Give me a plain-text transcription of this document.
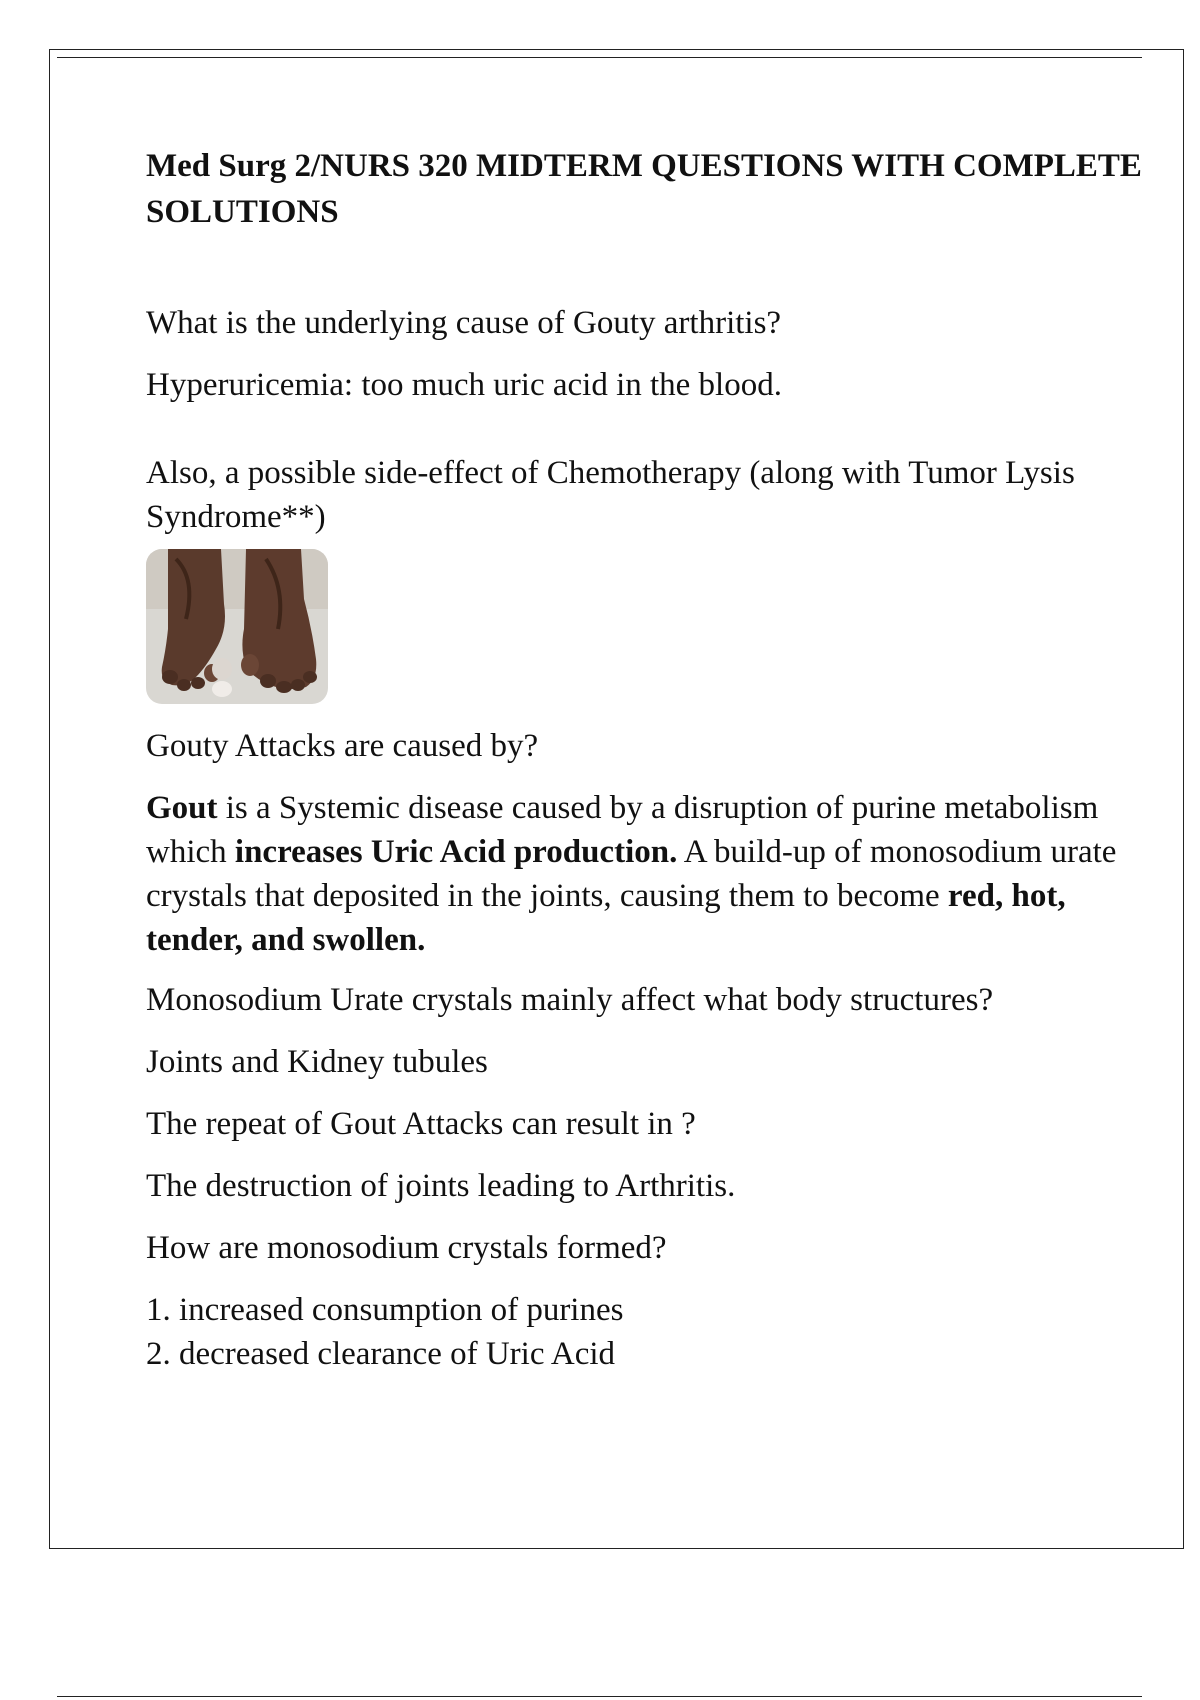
Med Surg 2/NURS 320 MIDTERM QUESTIONS WITH COMPLETE SOLUTIONS

What is the underlying cause of Gouty arthritis?

Hyperuricemia: too much uric acid in the blood.

Also, a possible side-effect of Chemotherapy (along with Tumor Lysis Syndrome**)

Gouty Attacks are caused by?

Gout is a Systemic disease caused by a disruption of purine metabolism which increases Uric Acid production. A build-up of monosodium urate crystals that deposited in the joints, causing them to become red, hot, tender, and swollen.

Monosodium Urate crystals mainly affect what body structures?

Joints and Kidney tubules

The repeat of Gout Attacks can result in ?

The destruction of joints leading to Arthritis.

How are monosodium crystals formed?

1. increased consumption of purines

2. decreased clearance of Uric Acid
